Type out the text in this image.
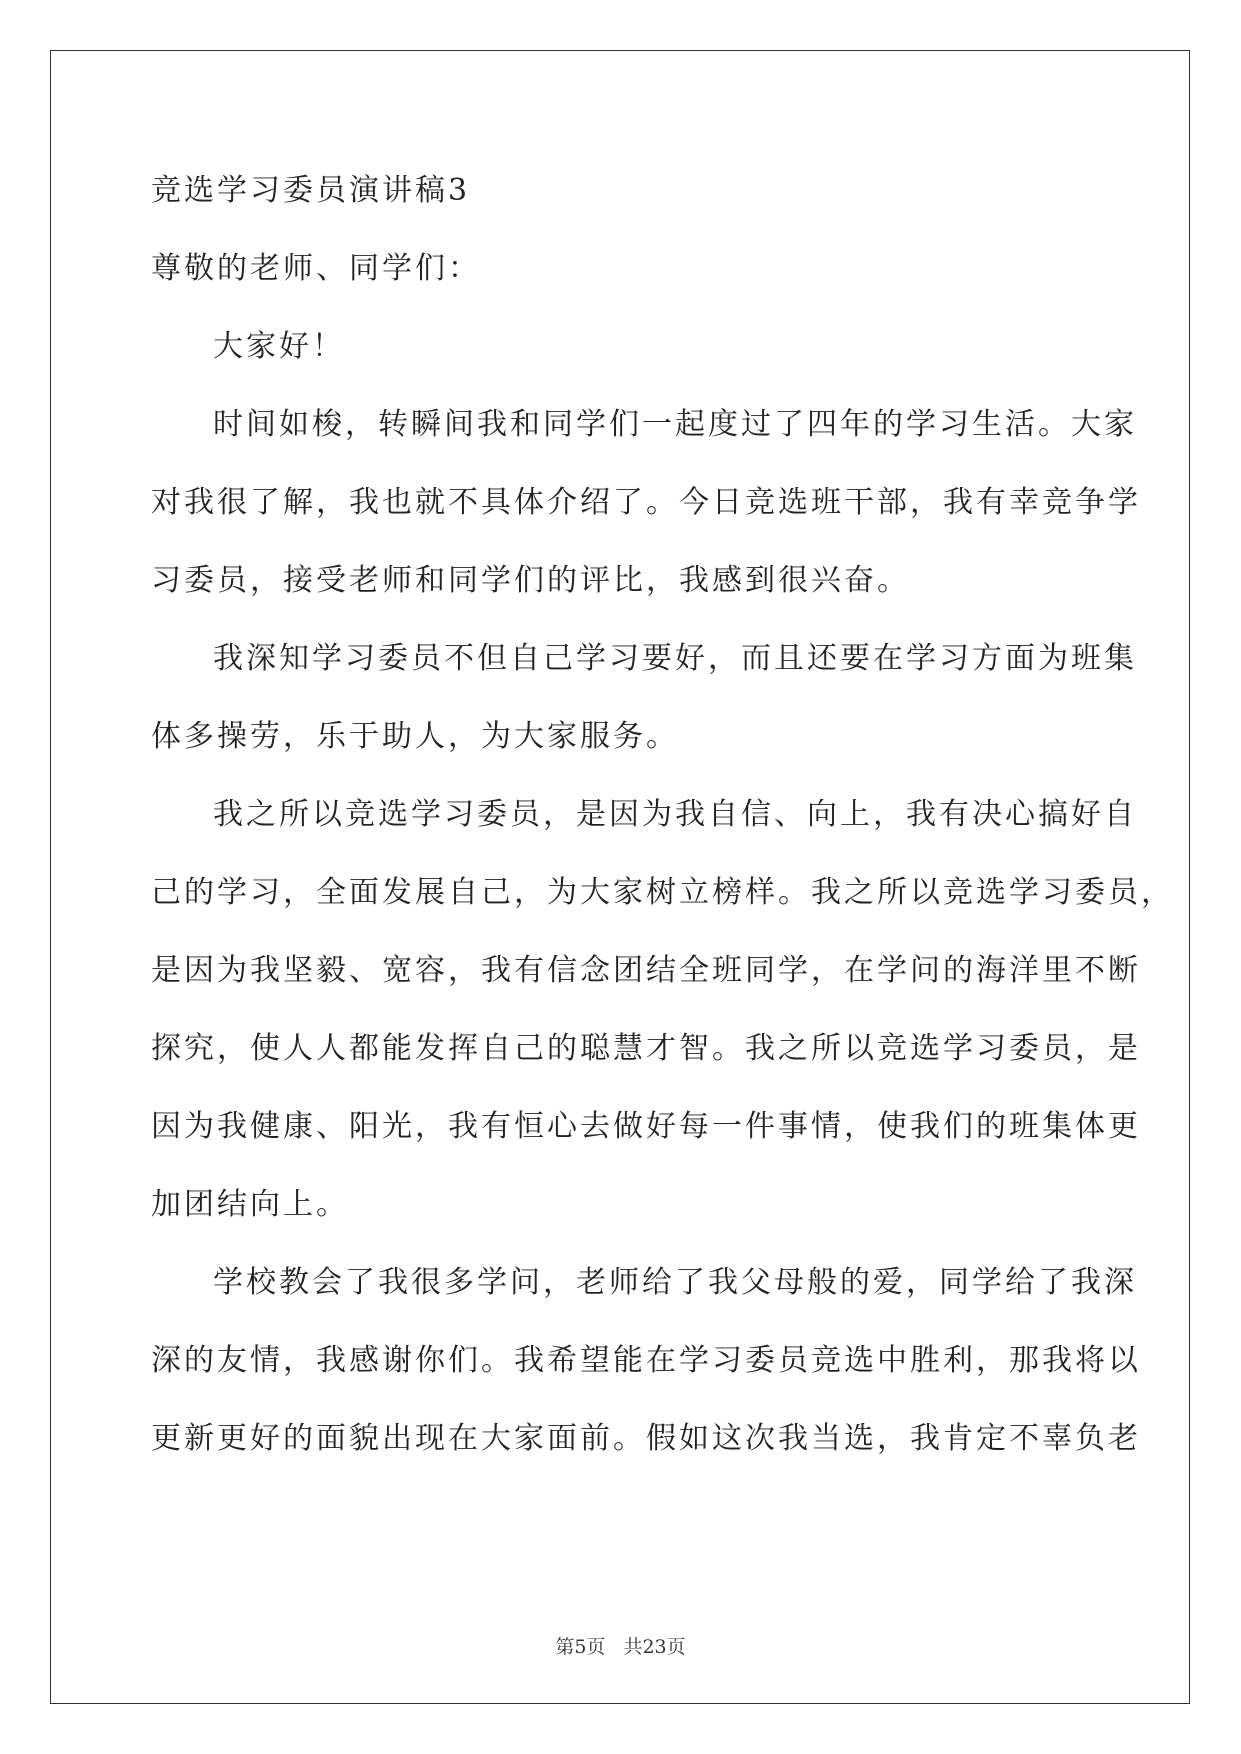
竞选学习委员演讲稿3
尊敬的老师、同学们：
大家好！
时间如梭，转瞬间我和同学们一起度过了四年的学习生活。大家
对我很了解，我也就不具体介绍了。今日竞选班干部，我有幸竞争学
习委员，接受老师和同学们的评比，我感到很兴奋。
我深知学习委员不但自己学习要好，而且还要在学习方面为班集
体多操劳，乐于助人，为大家服务。
我之所以竞选学习委员，是因为我自信、向上，我有决心搞好自
己的学习，全面发展自己，为大家树立榜样。我之所以竞选学习委员，
是因为我坚毅、宽容，我有信念团结全班同学，在学问的海洋里不断
探究，使人人都能发挥自己的聪慧才智。我之所以竞选学习委员，是
因为我健康、阳光，我有恒心去做好每一件事情，使我们的班集体更
加团结向上。
学校教会了我很多学问，老师给了我父母般的爱，同学给了我深
深的友情，我感谢你们。我希望能在学习委员竞选中胜利，那我将以
更新更好的面貌出现在大家面前。假如这次我当选，我肯定不辜负老
第5页 共23页
